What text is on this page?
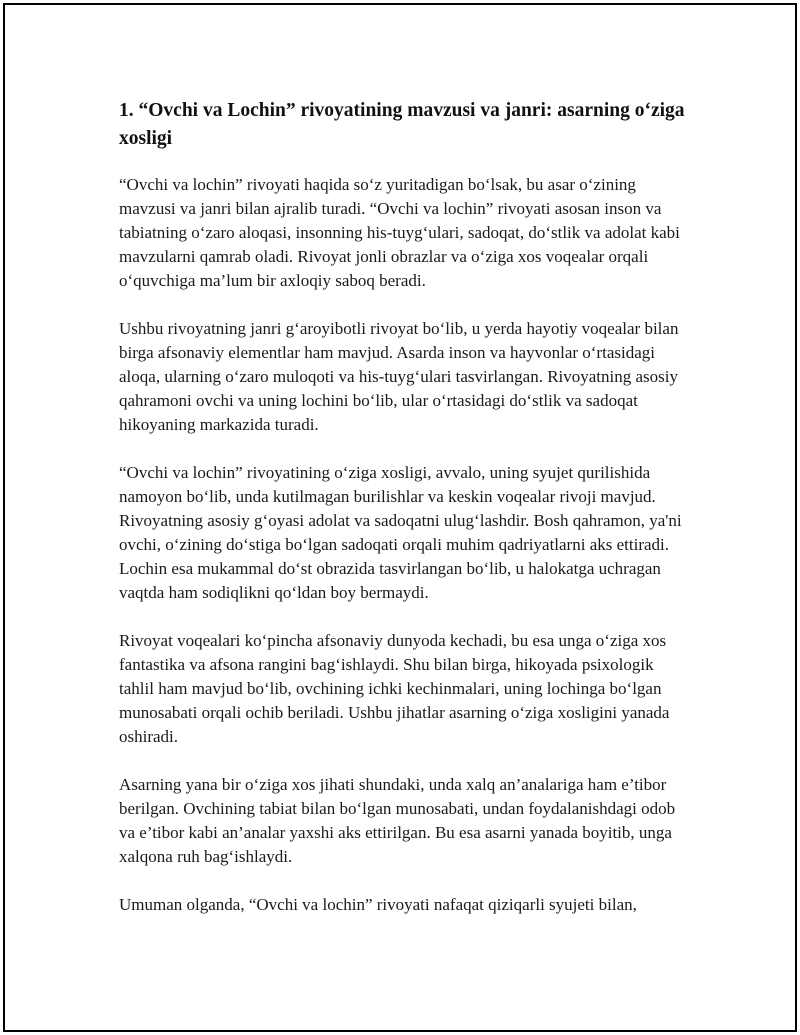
1. “Ovchi va Lochin” rivoyatining mavzusi va janri: asarning o‘ziga xosligi

“Ovchi va lochin” rivoyati haqida so‘z yuritadigan bo‘lsak, bu asar o‘zining mavzusi va janri bilan ajralib turadi. “Ovchi va lochin” rivoyati asosan inson va tabiatning o‘zaro aloqasi, insonning his-tuyg‘ulari, sadoqat, do‘stlik va adolat kabi mavzularni qamrab oladi. Rivoyat jonli obrazlar va o‘ziga xos voqealar orqali o‘quvchiga ma’lum bir axloqiy saboq beradi.

Ushbu rivoyatning janri g‘aroyibotli rivoyat bo‘lib, u yerda hayotiy voqealar bilan birga afsonaviy elementlar ham mavjud. Asarda inson va hayvonlar o‘rtasidagi aloqa, ularning o‘zaro muloqoti va his-tuyg‘ulari tasvirlangan. Rivoyatning asosiy qahramoni ovchi va uning lochini bo‘lib, ular o‘rtasidagi do‘stlik va sadoqat hikoyaning markazida turadi.

“Ovchi va lochin” rivoyatining o‘ziga xosligi, avvalo, uning syujet qurilishida namoyon bo‘lib, unda kutilmagan burilishlar va keskin voqealar rivoji mavjud. Rivoyatning asosiy g‘oyasi adolat va sadoqatni ulug‘lashdir. Bosh qahramon, ya'ni ovchi, o‘zining do‘stiga bo‘lgan sadoqati orqali muhim qadriyatlarni aks ettiradi. Lochin esa mukammal do‘st obrazida tasvirlangan bo‘lib, u halokatga uchragan vaqtda ham sodiqlikni qo‘ldan boy bermaydi.

Rivoyat voqealari ko‘pincha afsonaviy dunyoda kechadi, bu esa unga o‘ziga xos fantastika va afsona rangini bag‘ishlaydi. Shu bilan birga, hikoyada psixologik tahlil ham mavjud bo‘lib, ovchining ichki kechinmalari, uning lochinga bo‘lgan munosabati orqali ochib beriladi. Ushbu jihatlar asarning o‘ziga xosligini yanada oshiradi.

Asarning yana bir o‘ziga xos jihati shundaki, unda xalq an’analariga ham e’tibor berilgan. Ovchining tabiat bilan bo‘lgan munosabati, undan foydalanishdagi odob va e’tibor kabi an’analar yaxshi aks ettirilgan. Bu esa asarni yanada boyitib, unga xalqona ruh bag‘ishlaydi.

Umuman olganda, “Ovchi va lochin” rivoyati nafaqat qiziqarli syujeti bilan,
